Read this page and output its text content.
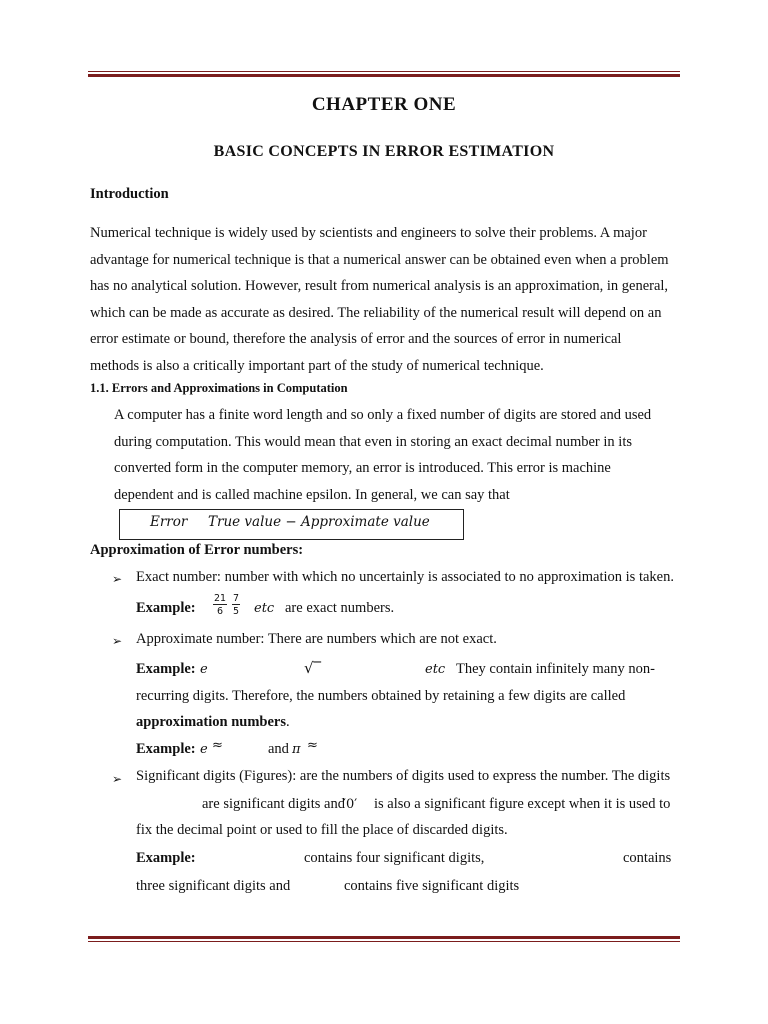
CHAPTER ONE
BASIC CONCEPTS IN ERROR ESTIMATION
Introduction
Numerical technique is widely used by scientists and engineers to solve their problems. A major
advantage for numerical technique is that a numerical answer can be obtained even when a problem
has no analytical solution. However, result from numerical analysis is an approximation, in general,
which can be made as accurate as desired. The reliability of the numerical result will depend on an
error estimate or bound, therefore the analysis of error and the sources of error in numerical
methods is also a critically important part of the study of numerical technique.
1.1. Errors and Approximations in Computation
A computer has a finite word length and so only a fixed number of digits are stored and used
during computation. This would mean that even in storing an exact decimal number in its
converted form in the computer memory, an error is introduced. This error is machine
dependent and is called machine epsilon. In general, we can say that
Error True value − Approximate value
Approximation of Error numbers:
➢ Exact number: number with which no uncertainly is associated to no approximation is taken.
Example: $\frac{21}{6} \frac{7}{5}$ etc are exact numbers.
➢ Approximate number: There are numbers which are not exact.
Example: e	√‾	etc They contain infinitely many non-
recurring digits. Therefore, the numbers obtained by retaining a few digits are called
approximation numbers.
Example: e ≈	and π ≈
➢ Significant digits (Figures): are the numbers of digits used to express the number. The digits
are significant digits and
′0′ is also a significant figure except when it is used to
fix the decimal point or used to fill the place of discarded digits.
Example:	contains four significant digits,	contains
three significant digits and	contains five significant digits
